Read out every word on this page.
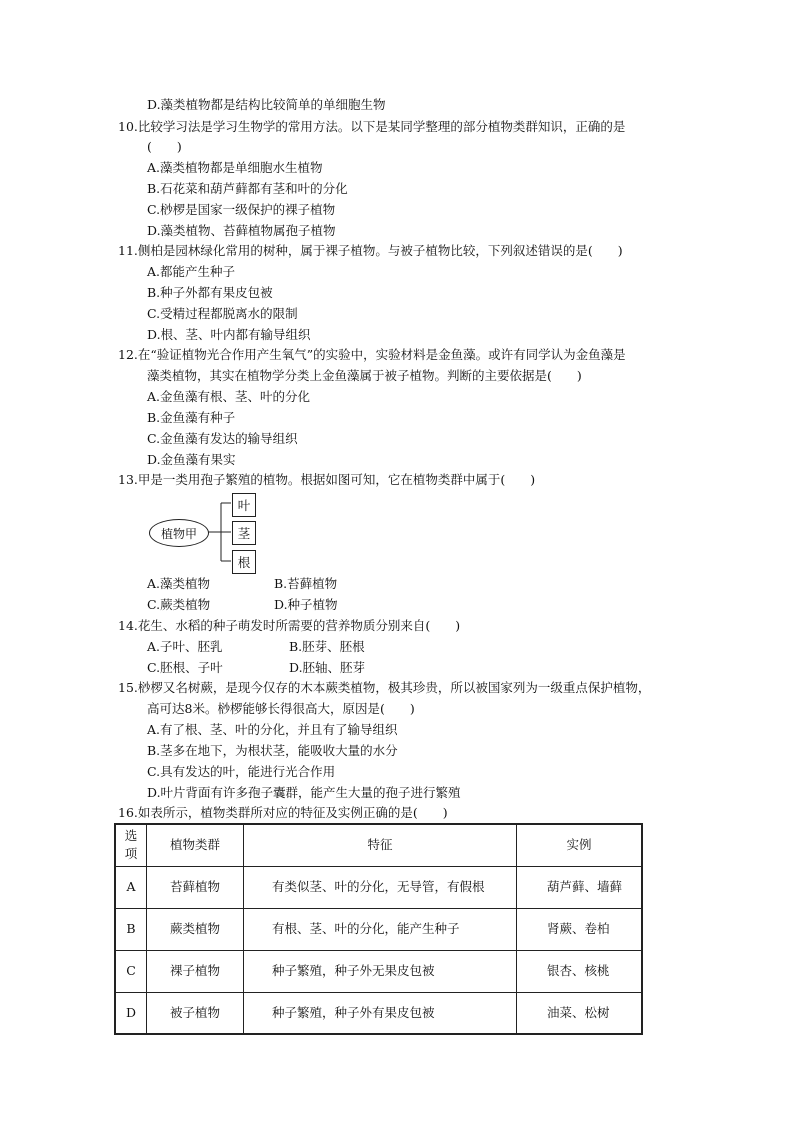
D.藻类植物都是结构比较简单的单细胞生物
10.比较学习法是学习生物学的常用方法。以下是某同学整理的部分植物类群知识，正确的是
(　　)
A.藻类植物都是单细胞水生植物
B.石花菜和葫芦藓都有茎和叶的分化
C.桫椤是国家一级保护的裸子植物
D.藻类植物、苔藓植物属孢子植物
11.侧柏是园林绿化常用的树种，属于裸子植物。与被子植物比较，下列叙述错误的是(　　)
A.都能产生种子
B.种子外都有果皮包被
C.受精过程都脱离水的限制
D.根、茎、叶内都有输导组织
12.在“验证植物光合作用产生氧气”的实验中，实验材料是金鱼藻。或许有同学认为金鱼藻是
藻类植物，其实在植物学分类上金鱼藻属于被子植物。判断的主要依据是(　　)
A.金鱼藻有根、茎、叶的分化
B.金鱼藻有种子
C.金鱼藻有发达的输导组织
D.金鱼藻有果实
13.甲是一类用孢子繁殖的植物。根据如图可知，它在植物类群中属于(　　)
植物甲
叶
茎
根
A.藻类植物	B.苔藓植物
C.蕨类植物	D.种子植物
14.花生、水稻的种子萌发时所需要的营养物质分别来自(　　)
A.子叶、胚乳	B.胚芽、胚根
C.胚根、子叶	D.胚轴、胚芽
15.桫椤又名树蕨，是现今仅存的木本蕨类植物，极其珍贵，所以被国家列为一级重点保护植物，
高可达8米。桫椤能够长得很高大，原因是(　　)
A.有了根、茎、叶的分化，并且有了输导组织
B.茎多在地下，为根状茎，能吸收大量的水分
C.具有发达的叶，能进行光合作用
D.叶片背面有许多孢子囊群，能产生大量的孢子进行繁殖
16.如表所示，植物类群所对应的特征及实例正确的是(　　)
选项	植物类群	特征	实例
A	苔藓植物	有类似茎、叶的分化，无导管，有假根	葫芦藓、墙藓
B	蕨类植物	有根、茎、叶的分化，能产生种子	肾蕨、卷柏
C	裸子植物	种子繁殖，种子外无果皮包被	银杏、核桃
D	被子植物	种子繁殖，种子外有果皮包被	油菜、松树
